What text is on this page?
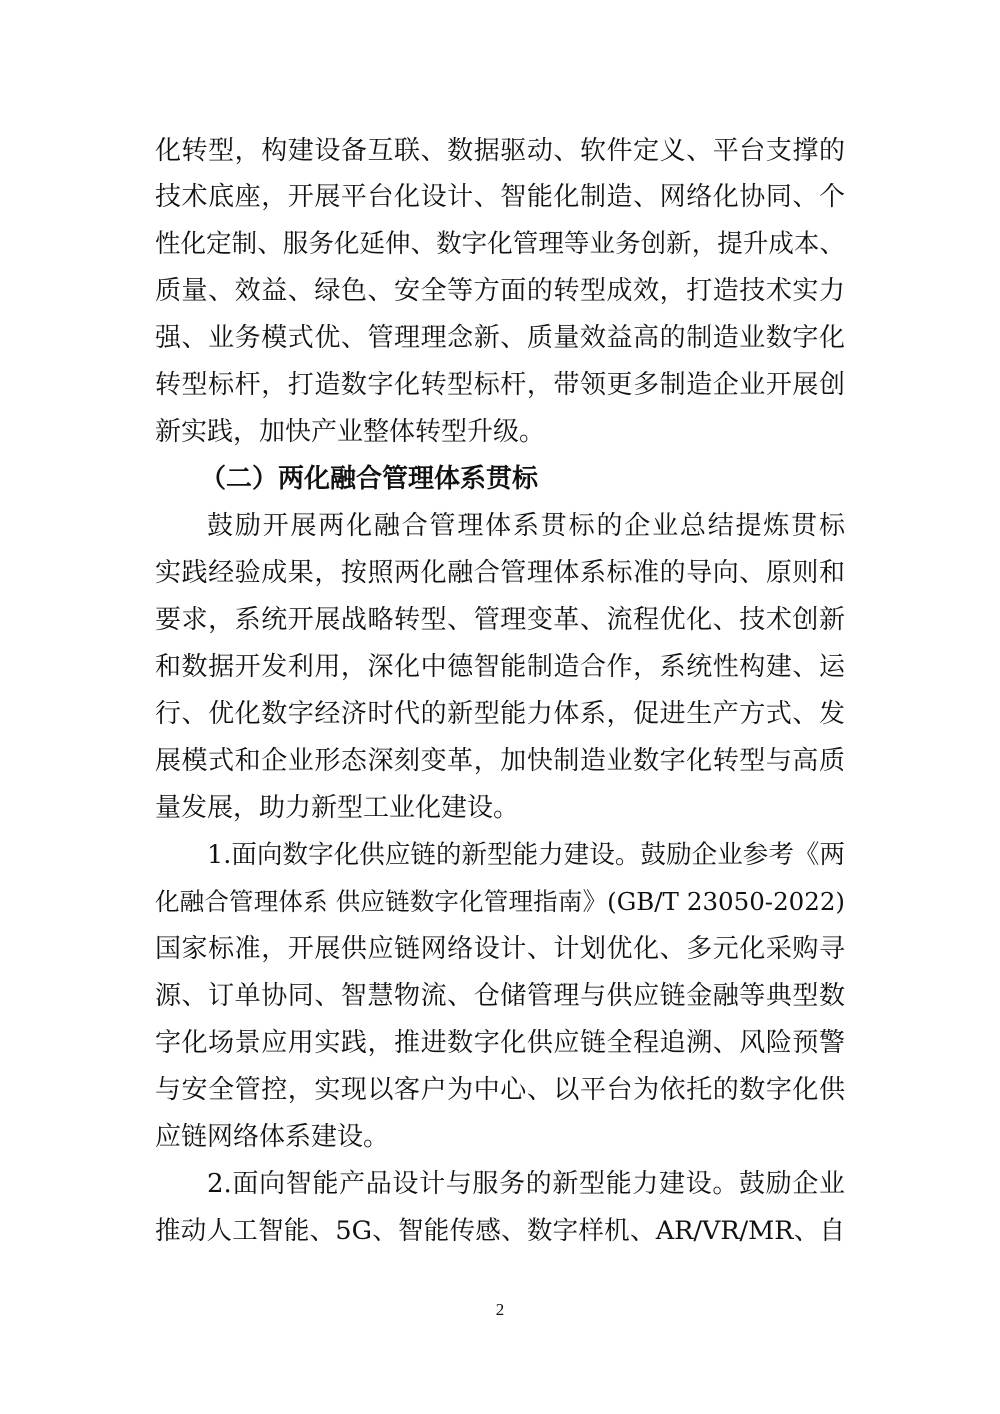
化转型，构建设备互联、数据驱动、软件定义、平台支撑的
技术底座，开展平台化设计、智能化制造、网络化协同、个
性化定制、服务化延伸、数字化管理等业务创新，提升成本、
质量、效益、绿色、安全等方面的转型成效，打造技术实力
强、业务模式优、管理理念新、质量效益高的制造业数字化
转型标杆，打造数字化转型标杆，带领更多制造企业开展创
新实践，加快产业整体转型升级。
（二）两化融合管理体系贯标
鼓励开展两化融合管理体系贯标的企业总结提炼贯标
实践经验成果，按照两化融合管理体系标准的导向、原则和
要求，系统开展战略转型、管理变革、流程优化、技术创新
和数据开发利用，深化中德智能制造合作，系统性构建、运
行、优化数字经济时代的新型能力体系，促进生产方式、发
展模式和企业形态深刻变革，加快制造业数字化转型与高质
量发展，助力新型工业化建设。
1.面向数字化供应链的新型能力建设。鼓励企业参考《两
化融合管理体系 供应链数字化管理指南》(GB/T 23050-2022)
国家标准，开展供应链网络设计、计划优化、多元化采购寻
源、订单协同、智慧物流、仓储管理与供应链金融等典型数
字化场景应用实践，推进数字化供应链全程追溯、风险预警
与安全管控，实现以客户为中心、以平台为依托的数字化供
应链网络体系建设。
2.面向智能产品设计与服务的新型能力建设。鼓励企业
推动人工智能、5G、智能传感、数字样机、AR/VR/MR、自
2
